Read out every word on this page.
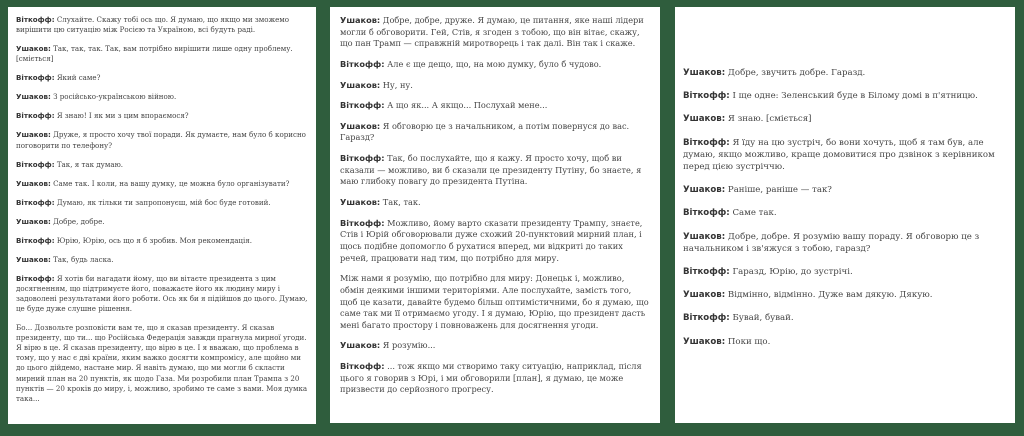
Віткофф: Слухайте. Скажу тобі ось що. Я думаю, що якщо ми зможемо вирішити цю ситуацію між Росією та Україною, всі будуть раді.

Ушаков: Так, так, так. Так, вам потрібно вирішити лише одну проблему. [сміється]

Віткофф: Який саме?

Ушаков: З російсько-українською війною.

Віткофф: Я знаю! І як ми з цим впораємося?

Ушаков: Друже, я просто хочу твої поради. Як думаєте, нам було б корисно поговорити по телефону?

Віткофф: Так, я так думаю.

Ушаков: Саме так. І коли, на вашу думку, це можна було організувати?

Віткофф: Думаю, як тільки ти запропонуєш, мій бос буде готовий.

Ушаков: Добре, добре.

Віткофф: Юрію, Юрію, ось що я б зробив. Моя рекомендація.

Ушаков: Так, будь ласка.

Віткофф: Я хотів би нагадати йому, що ви вітаєте президента з цим досягненням, що підтримуєте його, поважаєте його як людину миру і задоволені результатами його роботи. Ось як би я підійшов до цього. Думаю, це буде дуже слушне рішення.

Бо... Дозвольте розповісти вам те, що я сказав президенту. Я сказав президенту, що ти... що Російська Федерація завжди прагнула мирної угоди. Я вірю в це. Я сказав президенту, що вірю в це. І я вважаю, що проблема в тому, що у нас є дві країни, яким важко досягти компромісу, але щойно ми до цього дійдемо, настане мир. Я навіть думаю, що ми могли б скласти мирний план на 20 пунктів, як щодо Газа. Ми розробили план Трампа з 20 пунктів — 20 кроків до миру, і, можливо, зробимо те саме з вами. Моя думка така...

Ушаков: Добре, добре, друже. Я думаю, це питання, яке наші лідери могли б обговорити. Гей, Стів, я згоден з тобою, що він вітає, скажу, що пан Трамп — справжній миротворець і так далі. Він так і скаже.

Віткофф: Але є ще дещо, що, на мою думку, було б чудово.

Ушаков: Ну, ну.

Віткофф: А що як... А якщо... Послухай мене...

Ушаков: Я обговорю це з начальником, а потім повернуся до вас. Гаразд?

Віткофф: Так, бо послухайте, що я кажу. Я просто хочу, щоб ви сказали — можливо, ви б сказали це президенту Путіну, бо знаєте, я маю глибоку повагу до президента Путіна.

Ушаков: Так, так.

Віткофф: Можливо, йому варто сказати президенту Трампу, знаєте, Стів і Юрій обговорювали дуже схожий 20-пунктовий мирний план, і щось подібне допомогло б рухатися вперед, ми відкриті до таких речей, працювати над тим, що потрібно для миру.

Між нами я розумію, що потрібно для миру: Донецьк і, можливо, обмін деякими іншими територіями. Але послухайте, замість того, щоб це казати, давайте будемо більш оптимістичними, бо я думаю, що саме так ми її отримаємо угоду. І я думаю, Юрію, що президент дасть мені багато простору і повноважень для досягнення угоди.

Ушаков: Я розумію...

Віткофф: ... тож якщо ми створимо таку ситуацію, наприклад, після цього я говорив з Юрі, і ми обговорили [план], я думаю, це може призвести до серйозного прогресу.

Ушаков: Добре, звучить добре. Гаразд.

Віткофф: І ще одне: Зеленський буде в Білому домі в п'ятницю.

Ушаков: Я знаю. [сміється]

Віткофф: Я їду на цю зустріч, бо вони хочуть, щоб я там був, але думаю, якщо можливо, краще домовитися про дзвінок з керівником перед цією зустріччю.

Ушаков: Раніше, раніше — так?

Віткофф: Саме так.

Ушаков: Добре, добре. Я розумію вашу пораду. Я обговорю це з начальником і зв'яжуся з тобою, гаразд?

Віткофф: Гаразд, Юрію, до зустрічі.

Ушаков: Відмінно, відмінно. Дуже вам дякую. Дякую.

Віткофф: Бувай, бувай.

Ушаков: Поки що.
